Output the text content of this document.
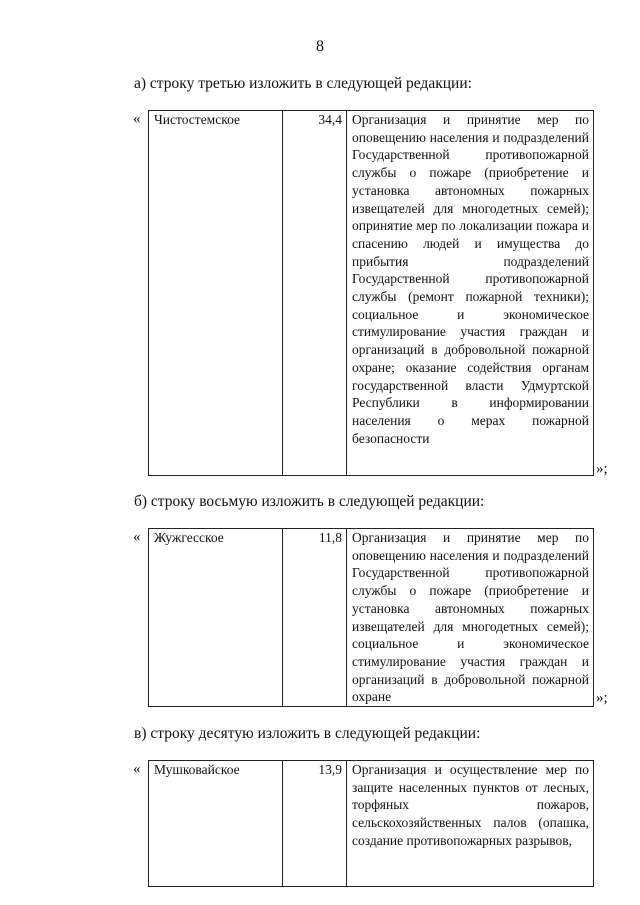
8
а) строку третью изложить в следующей редакции:
« Чистостемское	34,4	Организация и принятие мер по оповещению населения и подразделений Государственной противопожарной службы о пожаре (приобретение и установка автономных пожарных извещателей для многодетных семей); опринятие мер по локализации пожара и спасению людей и имущества до прибытия подразделений Государственной противопожарной службы (ремонт пожарной техники); социальное и экономическое стимулирование участия граждан и организаций в добровольной пожарной охране; оказание содействия органам государственной власти Удмуртской Республики в информировании населения о мерах пожарной безопасности
»;
б) строку восьмую изложить в следующей редакции:
« Жужгесское	11,8	Организация и принятие мер по оповещению населения и подразделений Государственной противопожарной службы о пожаре (приобретение и установка автономных пожарных извещателей для многодетных семей); социальное и экономическое стимулирование участия граждан и организаций в добровольной пожарной охране	»;
в) строку десятую изложить в следующей редакции:
« Мушковайское	13,9	Организация и осуществление мер по защите населенных пунктов от лесных, торфяных пожаров, сельскохозяйственных палов (опашка, создание противопожарных разрывов,
